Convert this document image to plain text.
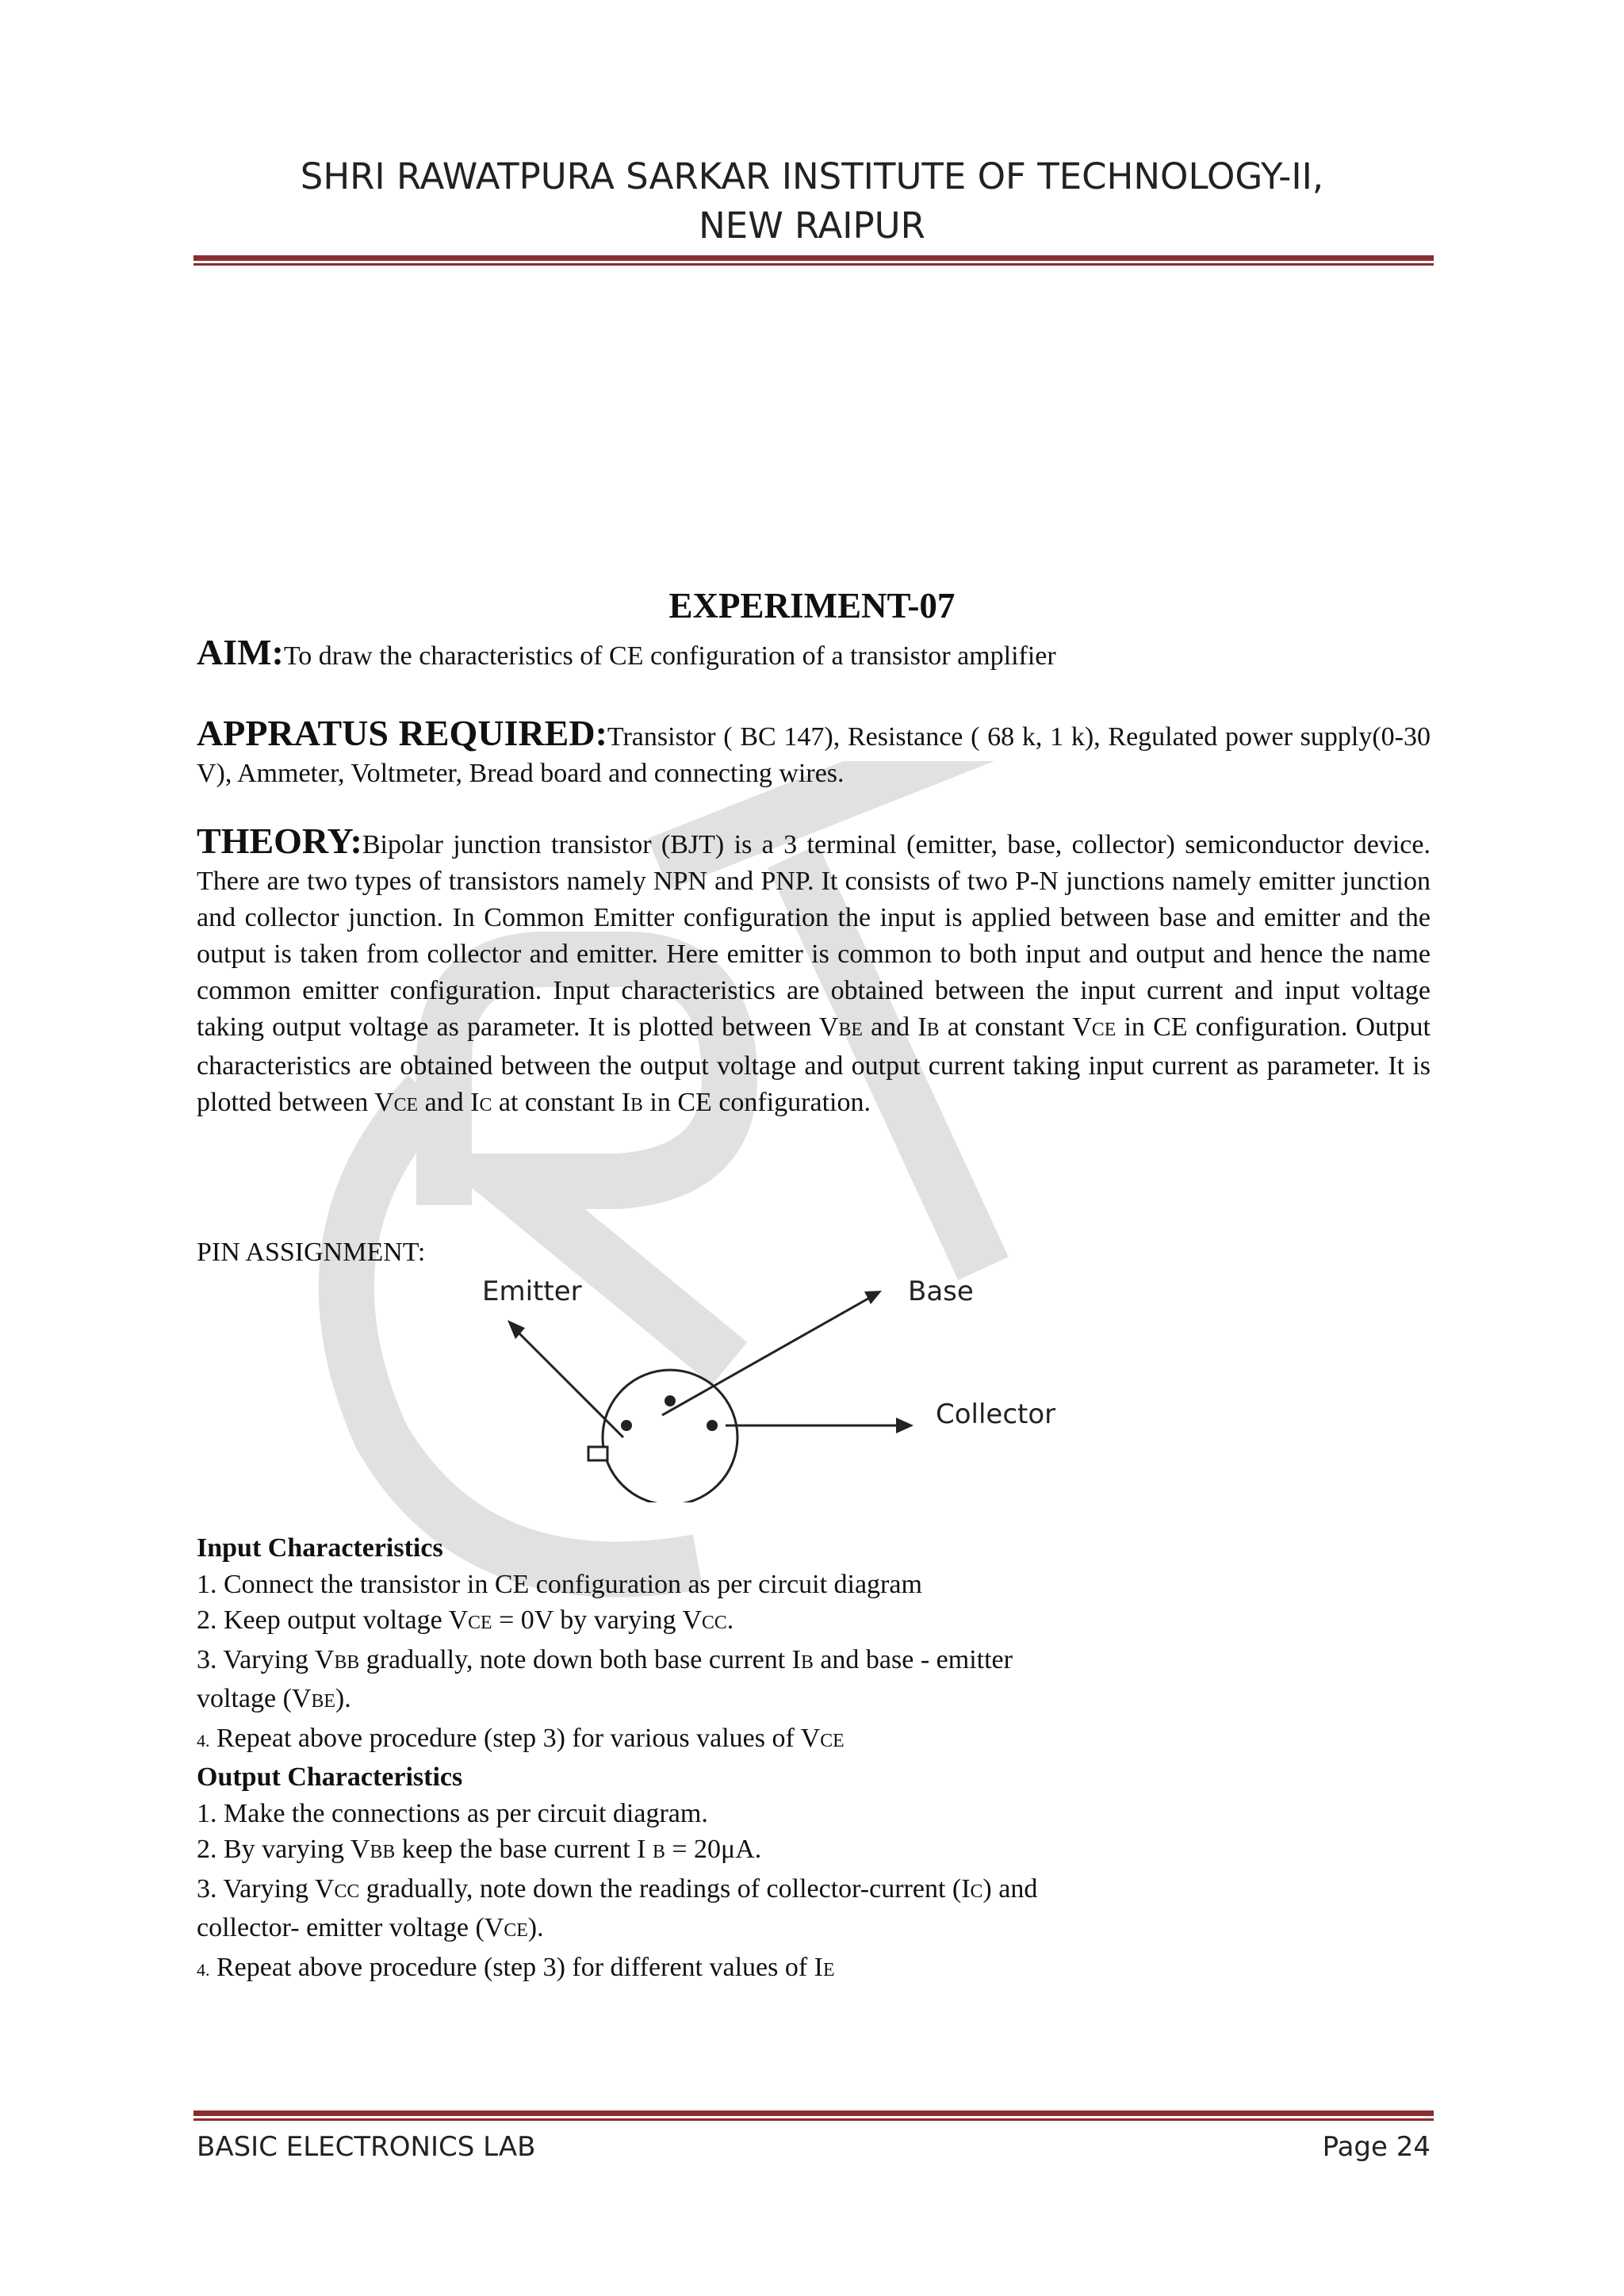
SHRI RAWATPURA SARKAR INSTITUTE OF TECHNOLOGY-II,
NEW RAIPUR
EXPERIMENT-07
AIM:To draw the characteristics of CE configuration of a transistor amplifier
APPRATUS REQUIRED:Transistor ( BC 147), Resistance ( 68 k, 1 k), Regulated power supply(0-30 V), Ammeter, Voltmeter, Bread board and connecting wires.
THEORY:Bipolar junction transistor (BJT) is a 3 terminal (emitter, base, collector) semiconductor device. There are two types of transistors namely NPN and PNP. It consists of two P-N junctions namely emitter junction and collector junction. In Common Emitter configuration the input is applied between base and emitter and the output is taken from collector and emitter. Here emitter is common to both input and output and hence the name common emitter configuration. Input characteristics are obtained between the input current and input voltage taking output voltage as parameter. It is plotted between VBE and IB at constant VCE in CE configuration. Output characteristics are obtained between the output voltage and output current taking input current as parameter. It is plotted between VCE and IC at constant IB in CE configuration.
PIN ASSIGNMENT:
Emitter	Base
Collector
Input Characteristics
1. Connect the transistor in CE configuration as per circuit diagram
2. Keep output voltage VCE = 0V by varying VCC.
3. Varying VBB gradually, note down both base current IB and base - emitter
voltage (VBE).
4. Repeat above procedure (step 3) for various values of VCE
Output Characteristics
1. Make the connections as per circuit diagram.
2. By varying VBB keep the base current I B = 20μA.
3. Varying VCC gradually, note down the readings of collector-current (IC) and
collector- emitter voltage (VCE).
4. Repeat above procedure (step 3) for different values of IE
BASIC ELECTRONICS LAB	Page 24
